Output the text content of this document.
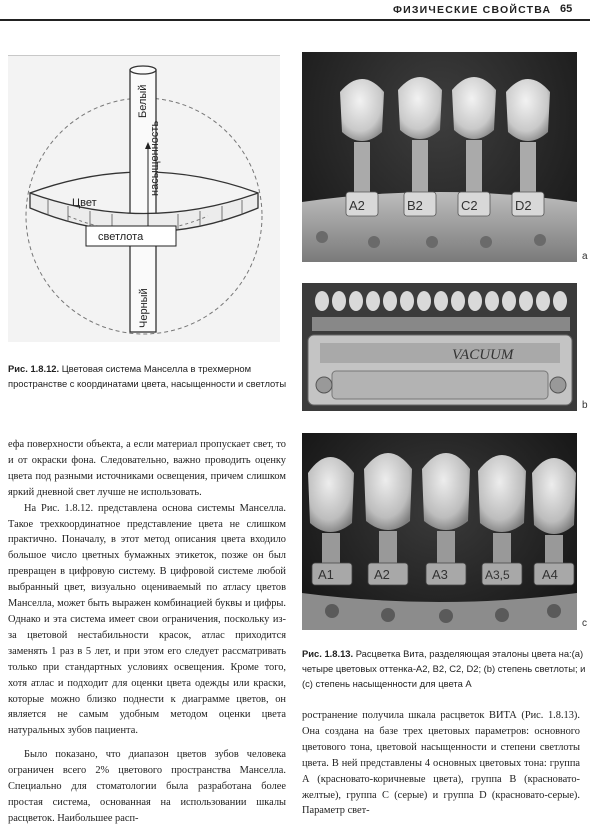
ФИЗИЧЕСКИЕ СВОЙСТВА 65
Белый
насыщенность
Цвет
светлота
Черный
Рис. 1.8.12. Цветовая система Манселла в трехмерном пространстве с координатами цвета, насыщенности и светлоты
A2	B2	C2	D2
a
VACUUM
b
A1	A2	A3	A3,5 A4
c
Рис. 1.8.13. Расцветка Вита, разделяющая эталоны цвета на:(а) четыре цветовых оттенка-А2, В2, С2, D2; (b) степень светлоты; и (с) степень насыщенности для цвета А

ефа поверхности объекта, а если материал пропускает свет, то и от окраски фона. Следовательно, важно проводить оценку цвета под разными источниками освещения, причем слишком яркий дневной свет лучше не использовать.

На Рис. 1.8.12. представлена основа системы Манселла. Такое трехкоординатное представление цвета не слишком практично. Поначалу, в этот метод описания цвета входило большое число цветных бумажных этикеток, позже он был превращен в цифровую систему. В цифровой системе любой выбранный цвет, визуально оцениваемый по атласу цветов Манселла, может быть выражен комбинацией буквы и цифры. Однако и эта система имеет свои ограничения, поскольку из-за цветовой нестабильности красок, атлас приходится заменять 1 раз в 5 лет, и при этом его следует рассматривать только при стандартных условиях освещения. Кроме того, хотя атлас и подходит для оценки цвета одежды или краски, которые можно близко поднести к диаграмме цветов, он является не самым удобным методом оценки цвета натуральных зубов пациента.

Было показано, что диапазон цветов зубов человека ограничен всего 2% цветового пространства Манселла. Специально для стоматологии была разработана более простая система, основанная на использовании шкалы расцветок. Наибольшее расп-

ространение получила шкала расцветок ВИТА (Рис. 1.8.13). Она создана на базе трех цветовых параметров: основного цветового тона, цветовой насыщенности и степени светлоты цвета. В ней представлены 4 основных цветовых тона: группа А (красновато-коричневые цвета), группа В (красновато-желтые), группа С (серые) и группа D (красновато-серые). Параметр свет-
